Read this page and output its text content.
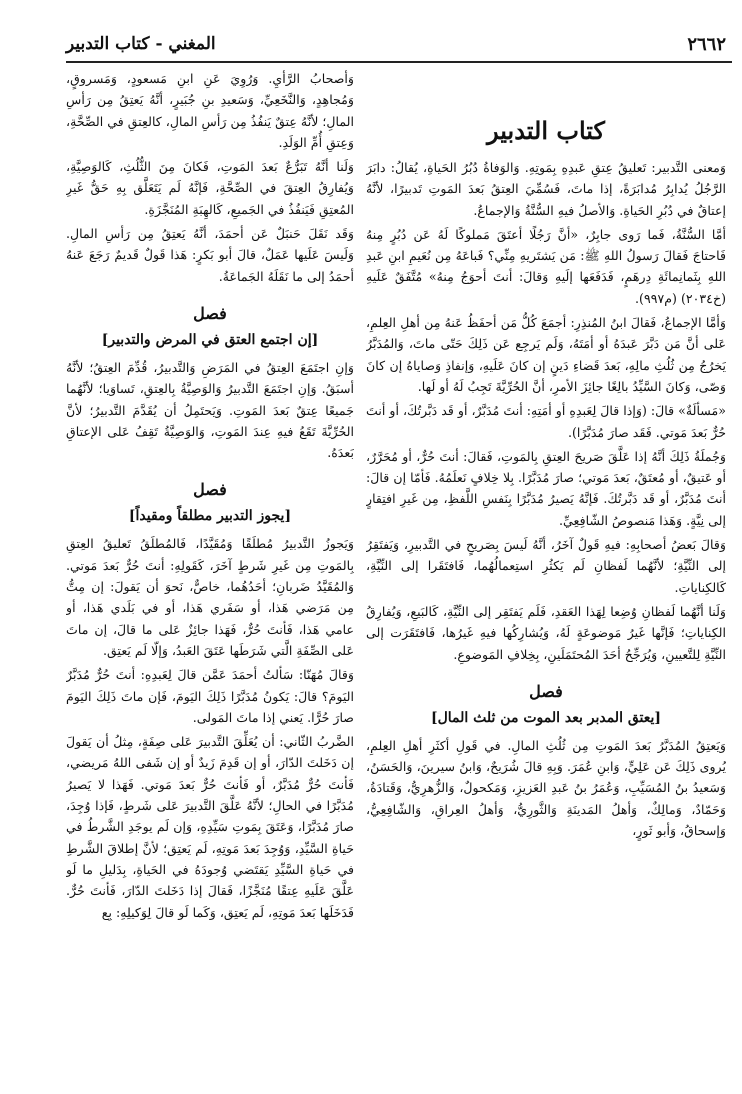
المغني - كتاب التدبير	٢٦٦٢
كتاب التدبير

وَمعنى التَّدبير: تَعليقُ عِتقِ عَبدِهِ بِمَوتِهِ. وَالوَفاةُ دُبُرُ الحَياةِ، يُقالُ: دابَرَ الرَّجُلُ يُدابِرُ مُدابَرَةً، إذا ماتَ، فَسُمِّيَ العِتقُ بَعدَ المَوتِ تَدبيرًا، لأنَّهُ إعتاقٌ في دُبُرِ الحَياةِ. وَالأصلُ فيهِ السُّنَّةُ وَالإجماعُ.

أمَّا السُّنَّةُ، فَما رَوى جابِرٌ، «أنَّ رَجُلًا أعتَقَ مَملوكًا لَهُ عَن دُبُرٍ مِنهُ فَاحتاجَ فَقالَ رَسولُ اللهِ ﷺ: مَن يَشتَريهِ مِنِّي؟ فَباعَهُ مِن نُعَيمِ ابنِ عَبدِ اللهِ بِثَمانِمائَةِ دِرهَمٍ، فَدَفَعَها إلَيهِ وَقالَ: أنتَ أحوَجُ مِنهُ» مُتَّفَقٌ عَلَيهِ (خ٢٠٣٤) (م٩٩٧).

وَأمَّا الإجماعُ، فَقالَ ابنُ المُنذِرِ: أجمَعَ كُلُّ مَن أحفَظُ عَنهُ مِن أهلِ العِلمِ، عَلى أنَّ مَن دَبَّرَ عَبدَهُ أو أمَتَهُ، وَلَم يَرجِع عَن ذَلِكَ حَتّى ماتَ، وَالمُدَبَّرُ يَخرُجُ مِن ثُلُثِ مالِهِ، بَعدَ قَضاءِ دَينٍ إن كانَ عَلَيهِ، وَإنفاذِ وَصاياهُ إن كانَ وَصّى، وَكانَ السَّيِّدُ بالِغًا جائِزَ الأمرِ، أنَّ الحُرِّيَّةَ تَجِبُ لَهُ أو لَها.

«مَسألَةٌ» قالَ: (وَإذا قالَ لِعَبدِهِ أو أمَتِهِ: أنتَ مُدَبَّرٌ، أو قَد دَبَّرتُكَ، أو أنتَ حُرٌّ بَعدَ مَوتي. فَقَد صارَ مُدَبَّرًا).

وَجُملَةُ ذَلِكَ أنَّهُ إذا عَلَّقَ صَريحَ العِتقِ بِالمَوتِ، فَقالَ: أنتَ حُرٌّ، أو مُحَرَّرٌ، أو عَتيقٌ، أو مُعتَقٌ، بَعدَ مَوتي؛ صارَ مُدَبَّرًا. بِلا خِلافٍ نَعلَمُهُ. فَأمّا إن قالَ: أنتَ مُدَبَّرٌ، أو قَد دَبَّرتُكَ. فَإنَّهُ يَصيرُ مُدَبَّرًا بِنَفسِ اللَّفظِ، مِن غَيرِ افتِقارٍ إلى نِيَّةٍ. وَهَذا مَنصوصُ الشّافِعِيِّ.

وَقالَ بَعضُ أصحابِهِ: فيهِ قَولٌ آخَرُ، أنَّهُ لَيسَ بِصَريحٍ في التَّدبيرِ، وَيَفتَقِرُ إلى النِّيَّةِ؛ لأنَّهُما لَفظانِ لَم يَكثُرِ استِعمالُهُما، فَافتَقَرا إلى النِّيَّةِ، كَالكِناياتِ.

وَلَنا أنَّهُما لَفظانِ وُضِعا لِهَذا العَقدِ، فَلَم يَفتَقِر إلى النِّيَّةِ، كَالبَيعِ، وَيُفارِقُ الكِناياتِ؛ فَإنَّها غَيرُ مَوضوعَةٍ لَهُ، وَيُشارِكُها فيهِ غَيرُها، فَافتَقَرَت إلى النِّيَّةِ لِلتَّعيينِ، وَيُرَجِّحُ أحَدَ المُحتَمَلَينِ، بِخِلافِ المَوضوعِ.

فصل
[يعتق المدبر بعد الموت من ثلث المال]

وَيَعتِقُ المُدَبَّرُ بَعدَ المَوتِ مِن ثُلُثِ المالِ. في قَولِ أكثَرِ أهلِ العِلمِ، يُروى ذَلِكَ عَن عَلِيٍّ، وَابنِ عُمَرَ. وَبِهِ قالَ شُرَيحٌ، وَابنُ سيرينَ، وَالحَسَنُ، وَسَعيدُ بنُ المُسَيِّبِ، وَعُمَرُ بنُ عَبدِ العَزيزِ، وَمَكحولٌ، وَالزُّهرِيُّ، وَقَتادَةُ، وَحَمّادٌ، وَمالِكٌ، وَأهلُ المَدينَةِ وَالثَّورِيُّ، وَأهلُ العِراقِ، وَالشّافِعِيُّ، وَإسحاقُ، وَأبو ثَورٍ،

وَأصحابُ الرَّأيِ. وَرُوِيَ عَنِ ابنِ مَسعودٍ، وَمَسروقٍ، وَمُجاهِدٍ، وَالنَّخَعِيِّ، وَسَعيدِ بنِ جُبَيرٍ، أنَّهُ يَعتِقُ مِن رَأسِ المالِ؛ لأنَّهُ عِتقٌ يَنفُذُ مِن رَأسِ المالِ، كالعِتقِ في الصِّحَّةِ، وَعِتقِ أُمِّ الوَلَدِ.

وَلَنا أنَّهُ تَبَرُّعٌ بَعدَ المَوتِ، فَكانَ مِنَ الثُّلُثِ، كَالوَصِيَّةِ، وَيُفارِقُ العِتقَ في الصِّحَّةِ، فَإنَّهُ لَم يَتَعَلَّق بِهِ حَقُّ غَيرِ المُعتِقِ فَيَنفُذُ في الجَميعِ، كَالهِبَةِ المُنَجَّزَةِ.

وَقَد نَقَلَ حَنبَلٌ عَن أحمَدَ، أنَّهُ يَعتِقُ مِن رَأسِ المالِ. وَلَيسَ عَلَيها عَمَلٌ، قالَ أبو بَكرٍ: هَذا قَولٌ قَديمٌ رَجَعَ عَنهُ أحمَدُ إلى ما نَقَلَهُ الجَماعَةُ.

فصل
[إن اجتمع العتق في المرض والتدبير]

وَإنِ اجتَمَعَ العِتقُ في المَرَضِ وَالتَّدبيرُ، قُدِّمَ العِتقُ؛ لأنَّهُ أسبَقُ. وَإنِ اجتَمَعَ التَّدبيرُ وَالوَصِيَّةُ بِالعِتقِ، تَساوَيا؛ لأنَّهُما جَميعًا عِتقٌ بَعدَ المَوتِ. وَيَحتَمِلُ أن يُقَدَّمَ التَّدبيرُ؛ لأنَّ الحُرِّيَّةَ تَقَعُ فيهِ عِندَ المَوتِ، وَالوَصِيَّةُ تَقِفُ عَلى الإعتاقِ بَعدَهُ.

فصل
[يجوز التدبير مطلقاً ومقيداً]

وَيَجوزُ التَّدبيرُ مُطلَقًا وَمُقَيَّدًا، فَالمُطلَقُ تَعليقُ العِتقِ بِالمَوتِ مِن غَيرِ شَرطٍ آخَرَ، كَقَولِهِ: أنتَ حُرٌّ بَعدَ مَوتي. وَالمُقَيَّدُ ضَربانِ؛ أحَدُهُما، خاصٌّ، نَحوَ أن يَقولَ: إن مِتُّ مِن مَرَضي هَذا، أو سَفَري هَذا، أو في بَلَدي هَذا، أو عامي هَذا، فَأنتَ حُرٌّ، فَهَذا جائِزٌ عَلى ما قالَ، إن ماتَ عَلى الصِّفَةِ الَّتي شَرَطَها عَتَقَ العَبدُ، وَإلّا لَم يَعتِق.

وَقالَ مُهَنّا: سَألتُ أحمَدَ عَمَّن قالَ لِعَبدِهِ: أنتَ حُرٌّ مُدَبَّرٌ اليَومَ؟ قالَ: يَكونُ مُدَبَّرًا ذَلِكَ اليَومَ، فَإن ماتَ ذَلِكَ اليَومَ صارَ حُرًّا. يَعني إذا ماتَ المَولى.

الضَّربُ الثّاني: أن يُعَلِّقَ التَّدبيرَ عَلى صِفَةٍ، مِثلُ أن يَقولَ إن دَخَلتَ الدّارَ، أو إن قَدِمَ زَيدٌ أو إن شَفى اللهُ مَريضي، فَأنتَ حُرٌّ مُدَبَّرٌ، أو فَأنتَ حُرٌّ بَعدَ مَوتي. فَهَذا لا يَصيرُ مُدَبَّرًا في الحالِ؛ لأنَّهُ عَلَّقَ التَّدبيرَ عَلى شَرطٍ، فَإذا وُجِدَ، صارَ مُدَبَّرًا، وَعَتَقَ بِمَوتِ سَيِّدِهِ، وَإن لَم يوجَدِ الشَّرطُ في حَياةِ السَّيِّدِ، وَوُجِدَ بَعدَ مَوتِهِ، لَم يَعتِق؛ لأنَّ إطلاقَ الشَّرطِ في حَياةِ السَّيِّدِ يَقتَضي وُجودَهُ في الحَياةِ، بِدَليلِ ما لَو عَلَّقَ عَلَيهِ عِتقًا مُنَجَّزًا، فَقالَ إذا دَخَلتَ الدّارَ، فَأنتَ حُرٌّ. فَدَخَلَها بَعدَ مَوتِهِ، لَم يَعتِق، وَكَما لَو قالَ لِوَكيلِهِ: بِع
